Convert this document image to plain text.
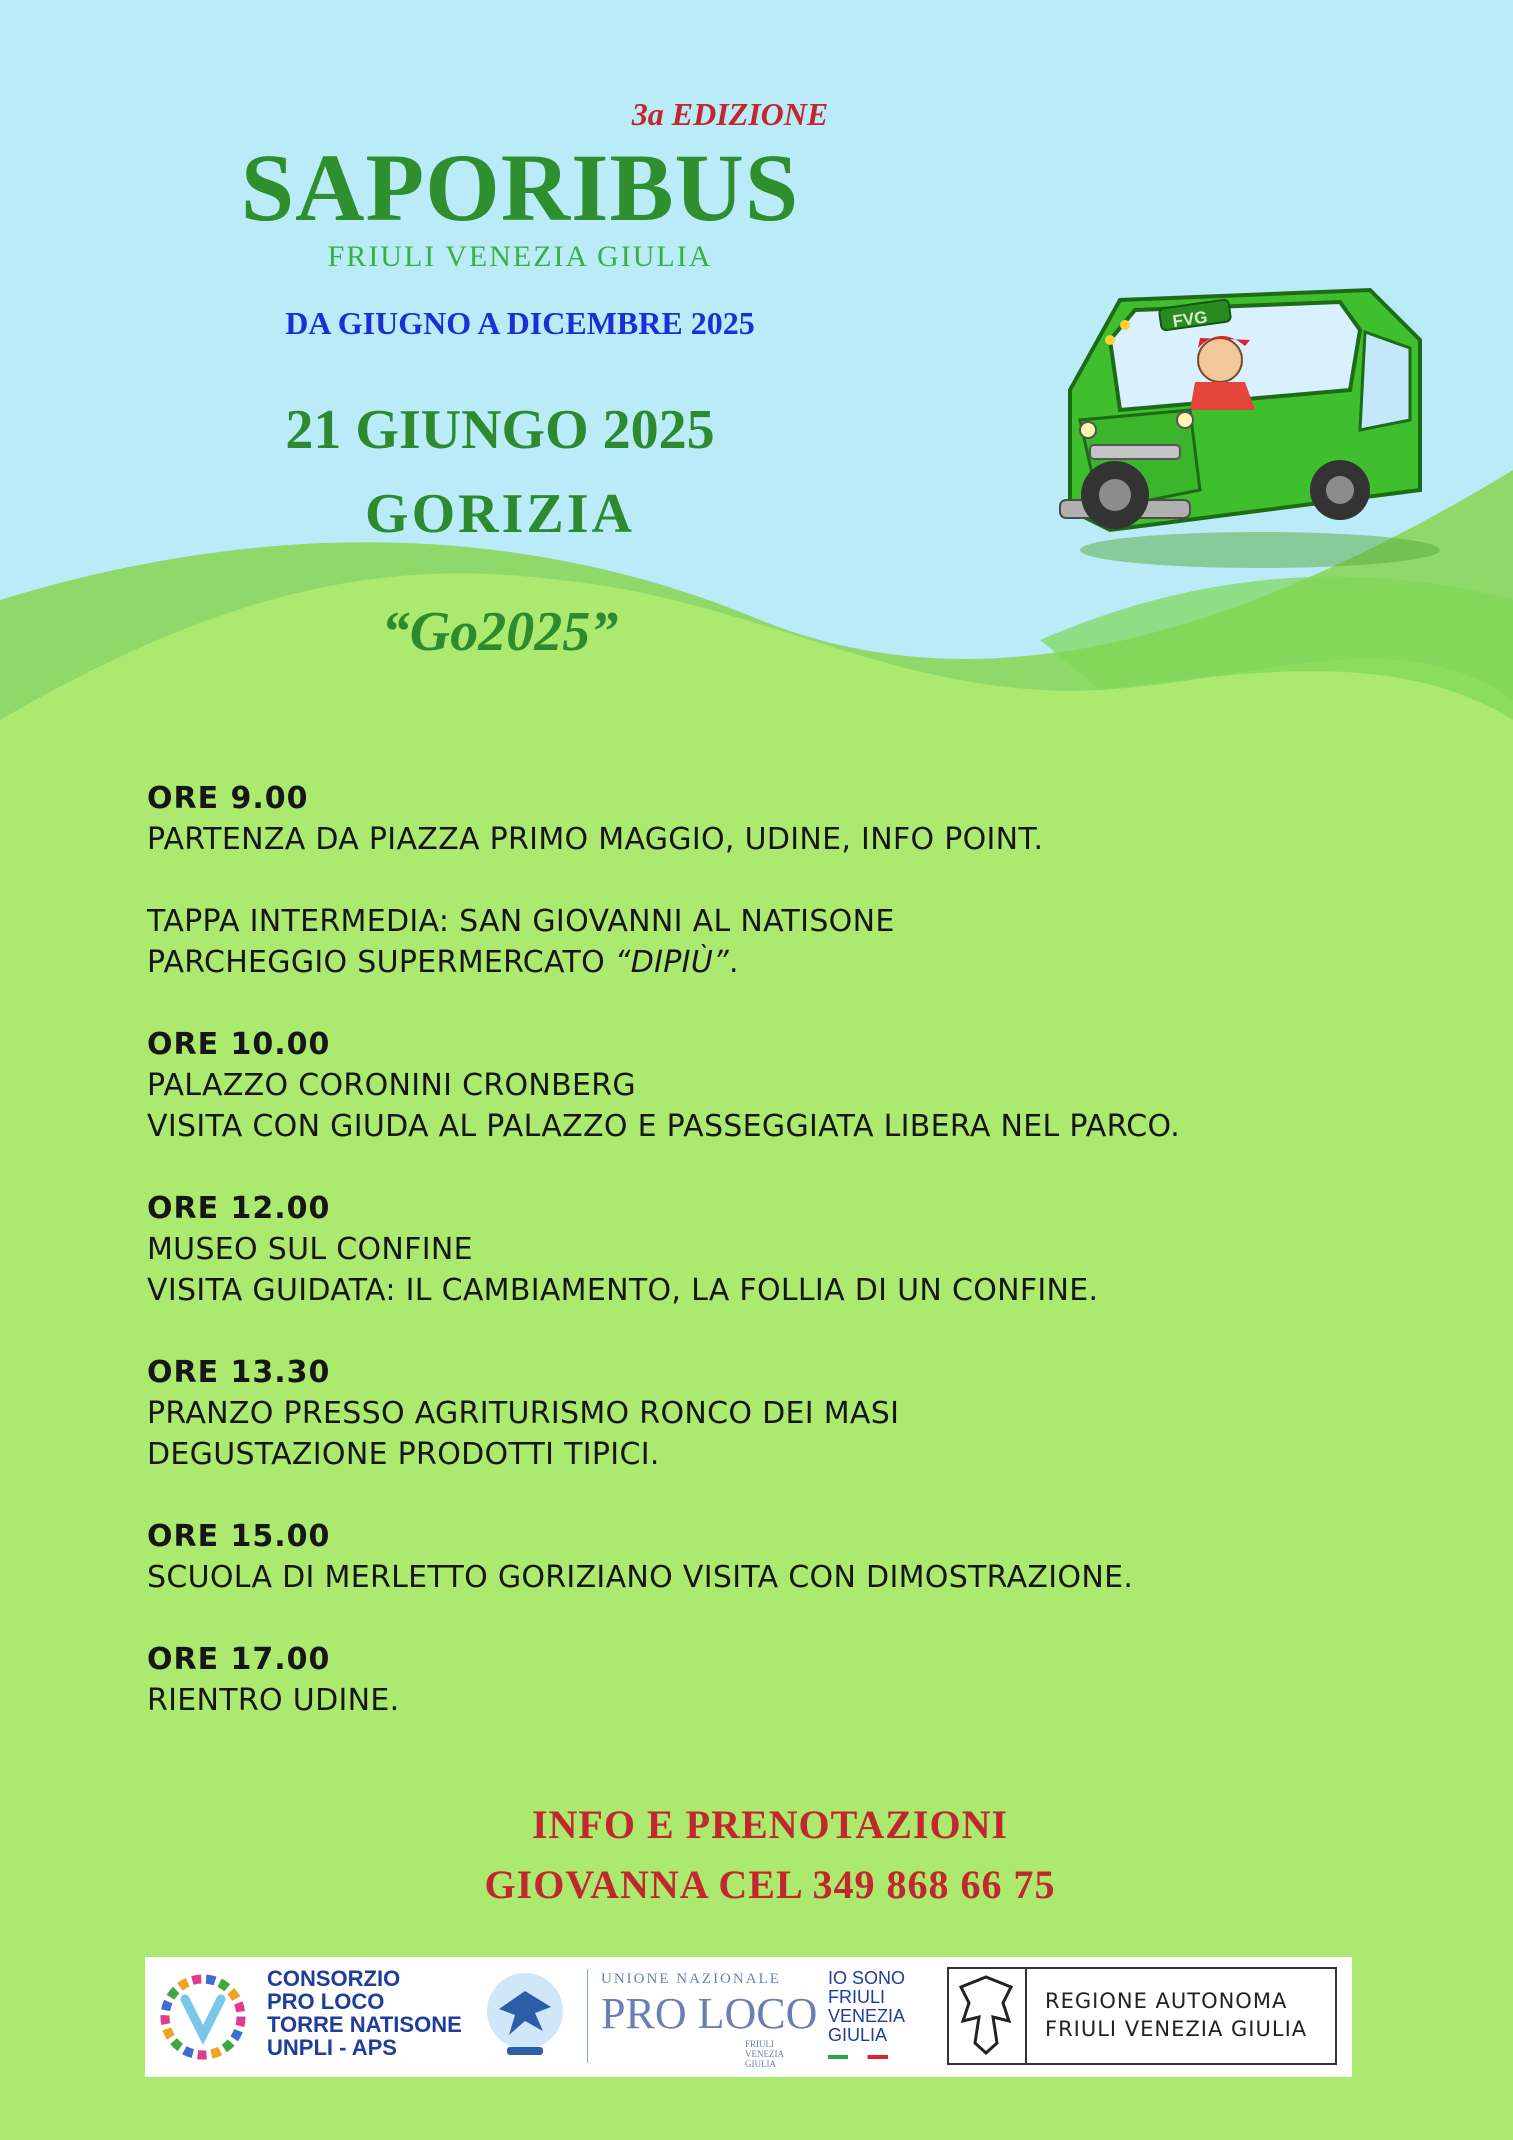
FVG
3a EDIZIONE
SAPORIBUS
FRIULI VENEZIA GIULIA
DA GIUGNO A DICEMBRE 2025
21 GIUNGO 2025
GORIZIA
“Go2025”
ORE 9.00
PARTENZA DA PIAZZA PRIMO MAGGIO, UDINE, INFO POINT.
TAPPA INTERMEDIA: SAN GIOVANNI AL NATISONE
PARCHEGGIO SUPERMERCATO “DIPIÙ”.
ORE 10.00
PALAZZO CORONINI CRONBERG
VISITA CON GIUDA AL PALAZZO E PASSEGGIATA LIBERA NEL PARCO.
ORE 12.00
MUSEO SUL CONFINE
VISITA GUIDATA: IL CAMBIAMENTO, LA FOLLIA DI UN CONFINE.
ORE 13.30
PRANZO PRESSO AGRITURISMO RONCO DEI MASI
DEGUSTAZIONE PRODOTTI TIPICI.
ORE 15.00
SCUOLA DI MERLETTO GORIZIANO VISITA CON DIMOSTRAZIONE.
ORE 17.00
RIENTRO UDINE.
INFO E PRENOTAZIONI
GIOVANNA CEL 349 868 66 75
CONSORZIO
PRO LOCO
TORRE NATISONE
UNPLI - APS
UNIONE NAZIONALE
PRO LOCO
FRIULI VENEZIA GIULIA
IO SONO
FRIULI
VENEZIA
GIULIA
REGIONE AUTONOMA
FRIULI VENEZIA GIULIA
